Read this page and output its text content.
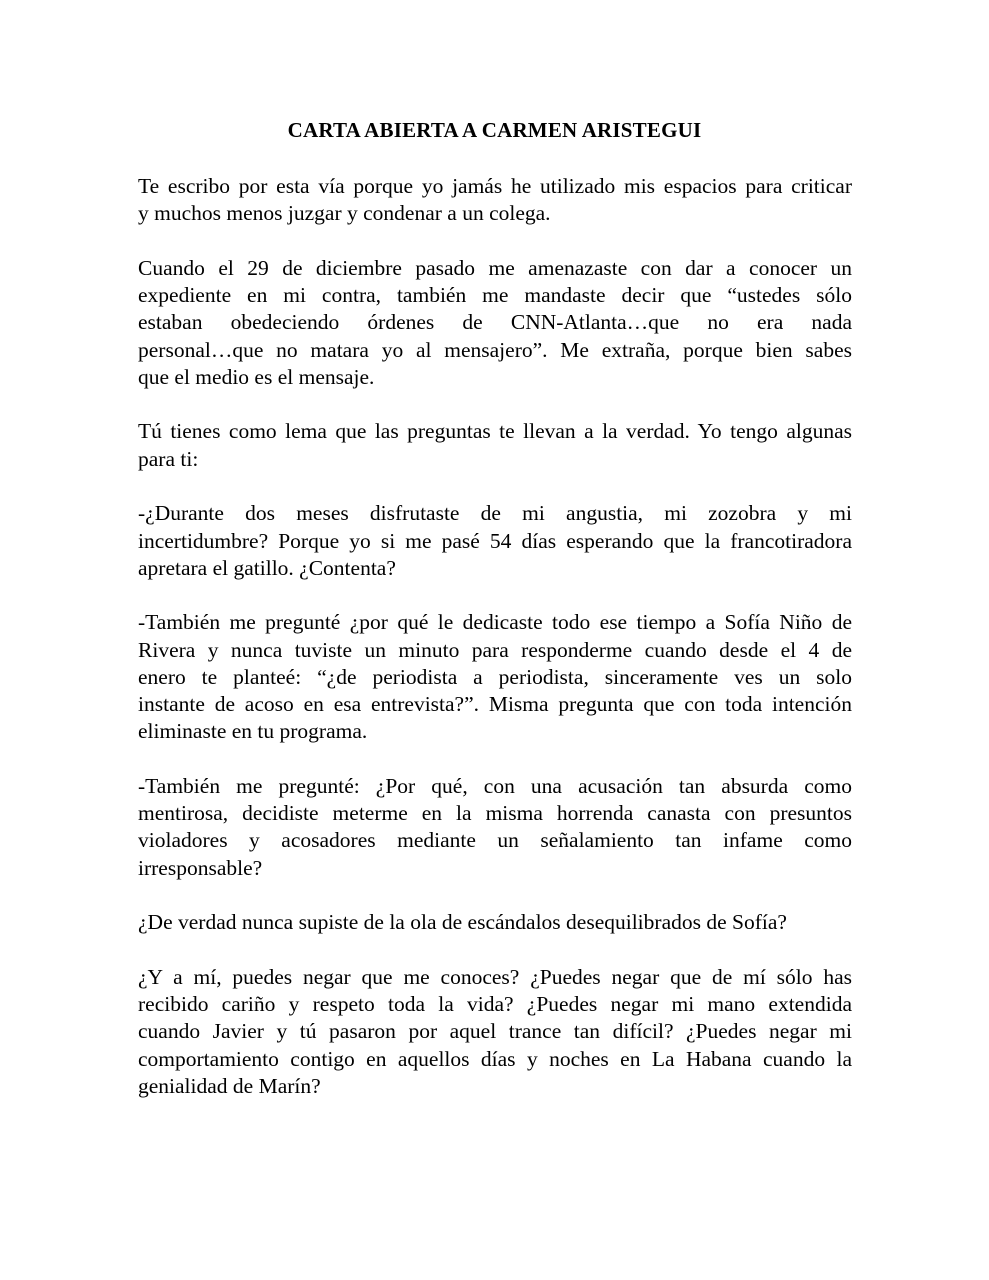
CARTA ABIERTA A CARMEN ARISTEGUI
Te escribo por esta vía porque yo jamás he utilizado mis espacios para criticar
y muchos menos juzgar y condenar a un colega.
Cuando el 29 de diciembre pasado me amenazaste con dar a conocer un
expediente en mi contra, también me mandaste decir que “ustedes sólo
estaban obedeciendo órdenes de CNN-Atlanta…que no era nada
personal…que no matara yo al mensajero”. Me extraña, porque bien sabes
que el medio es el mensaje.
Tú tienes como lema que las preguntas te llevan a la verdad. Yo tengo algunas
para ti:
-¿Durante dos meses disfrutaste de mi angustia, mi zozobra y mi
incertidumbre? Porque yo si me pasé 54 días esperando que la francotiradora
apretara el gatillo. ¿Contenta?
-También me pregunté ¿por qué le dedicaste todo ese tiempo a Sofía Niño de
Rivera y nunca tuviste un minuto para responderme cuando desde el 4 de
enero te planteé: “¿de periodista a periodista, sinceramente ves un solo
instante de acoso en esa entrevista?”. Misma pregunta que con toda intención
eliminaste en tu programa.
-También me pregunté: ¿Por qué, con una acusación tan absurda como
mentirosa, decidiste meterme en la misma horrenda canasta con presuntos
violadores y acosadores mediante un señalamiento tan infame como
irresponsable?
¿De verdad nunca supiste de la ola de escándalos desequilibrados de Sofía?
¿Y a mí, puedes negar que me conoces? ¿Puedes negar que de mí sólo has
recibido cariño y respeto toda la vida? ¿Puedes negar mi mano extendida
cuando Javier y tú pasaron por aquel trance tan difícil? ¿Puedes negar mi
comportamiento contigo en aquellos días y noches en La Habana cuando la
genialidad de Marín?
